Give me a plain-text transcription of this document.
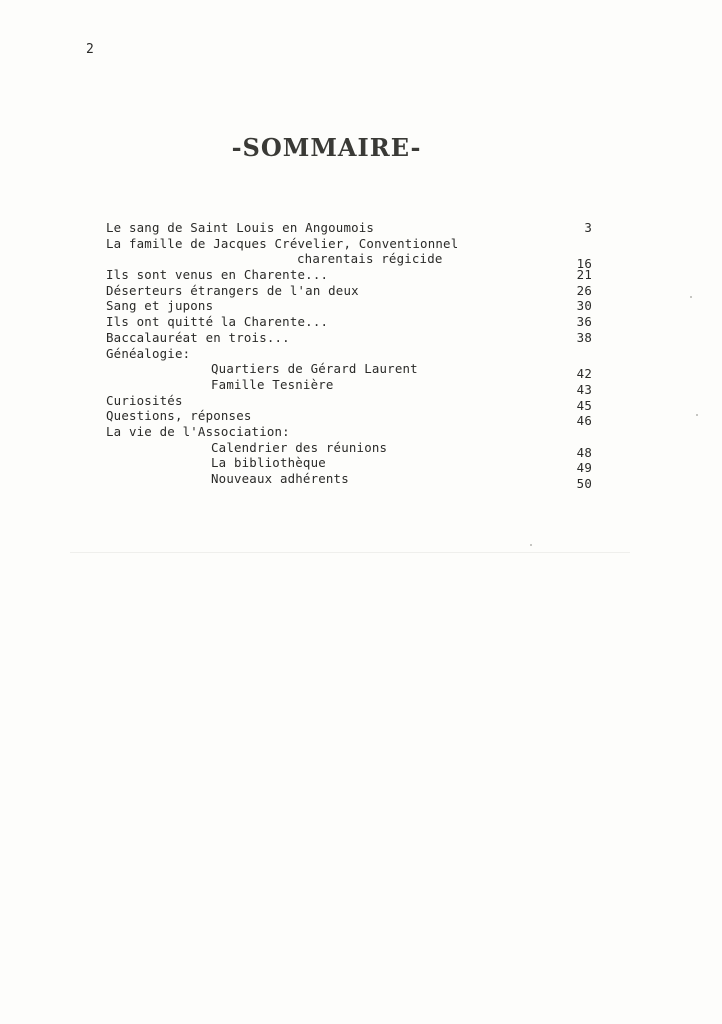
2
-SOMMAIRE-
Le sang de Saint Louis en Angoumois	3
La famille de Jacques Crévelier, Conventionnel
charentais régicide	16
Ils sont venus en Charente...	21
Déserteurs étrangers de l'an deux	26
Sang et jupons	30
Ils ont quitté la Charente...	36
Baccalauréat en trois...	38
Généalogie:
Quartiers de Gérard Laurent	42
Famille Tesnière	43
Curiosités	45
Questions, réponses	46
La vie de l'Association:
Calendrier des réunions	48
La bibliothèque	49
Nouveaux adhérents	50
